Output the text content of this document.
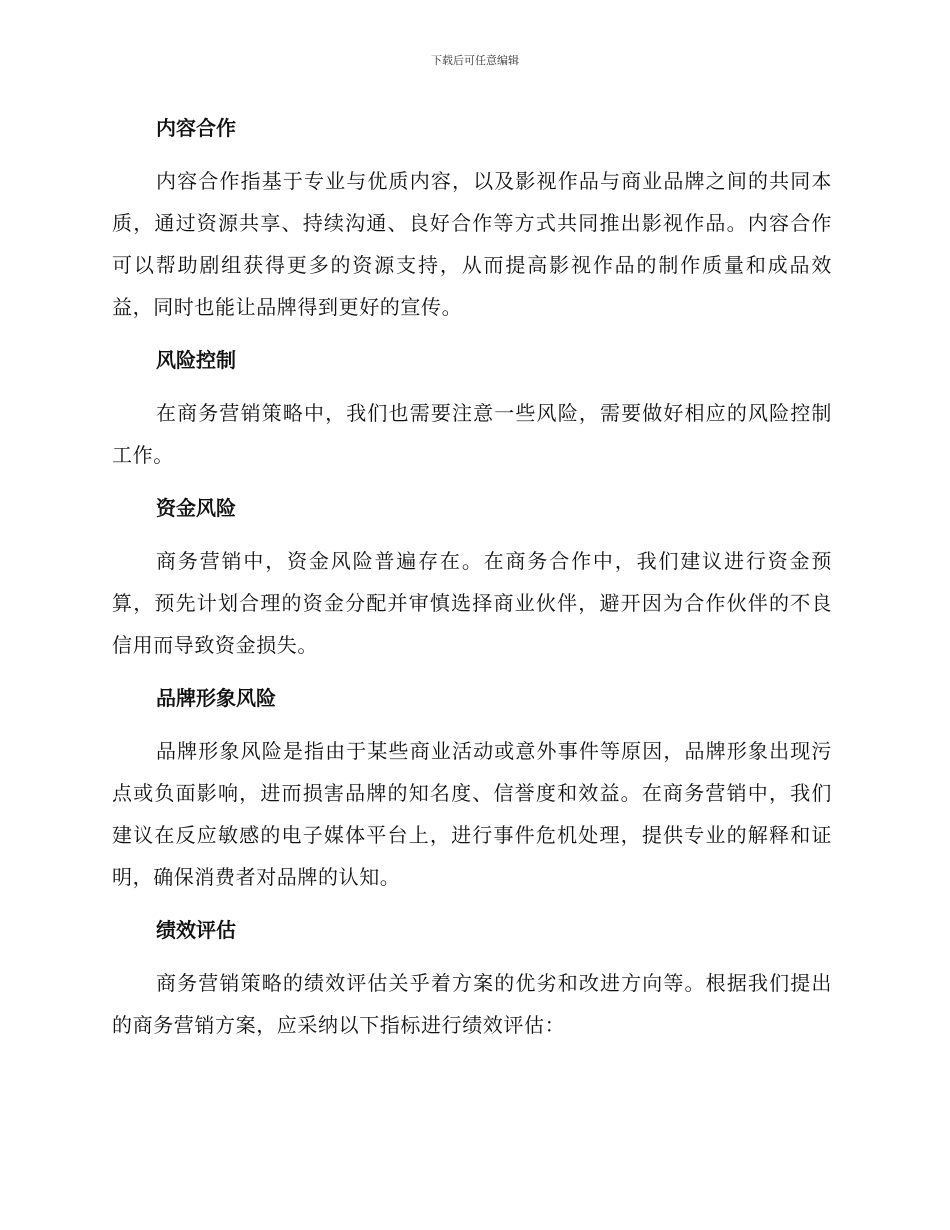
下载后可任意编辑
内容合作

内容合作指基于专业与优质内容，以及影视作品与商业品牌之间的共同本质，通过资源共享、持续沟通、良好合作等方式共同推出影视作品。内容合作可以帮助剧组获得更多的资源支持，从而提高影视作品的制作质量和成品效益，同时也能让品牌得到更好的宣传。

风险控制

在商务营销策略中，我们也需要注意一些风险，需要做好相应的风险控制工作。

资金风险

商务营销中，资金风险普遍存在。在商务合作中，我们建议进行资金预算，预先计划合理的资金分配并审慎选择商业伙伴，避开因为合作伙伴的不良信用而导致资金损失。

品牌形象风险

品牌形象风险是指由于某些商业活动或意外事件等原因，品牌形象出现污点或负面影响，进而损害品牌的知名度、信誉度和效益。在商务营销中，我们建议在反应敏感的电子媒体平台上，进行事件危机处理，提供专业的解释和证明，确保消费者对品牌的认知。

绩效评估

商务营销策略的绩效评估关乎着方案的优劣和改进方向等。根据我们提出的商务营销方案，应采纳以下指标进行绩效评估：
